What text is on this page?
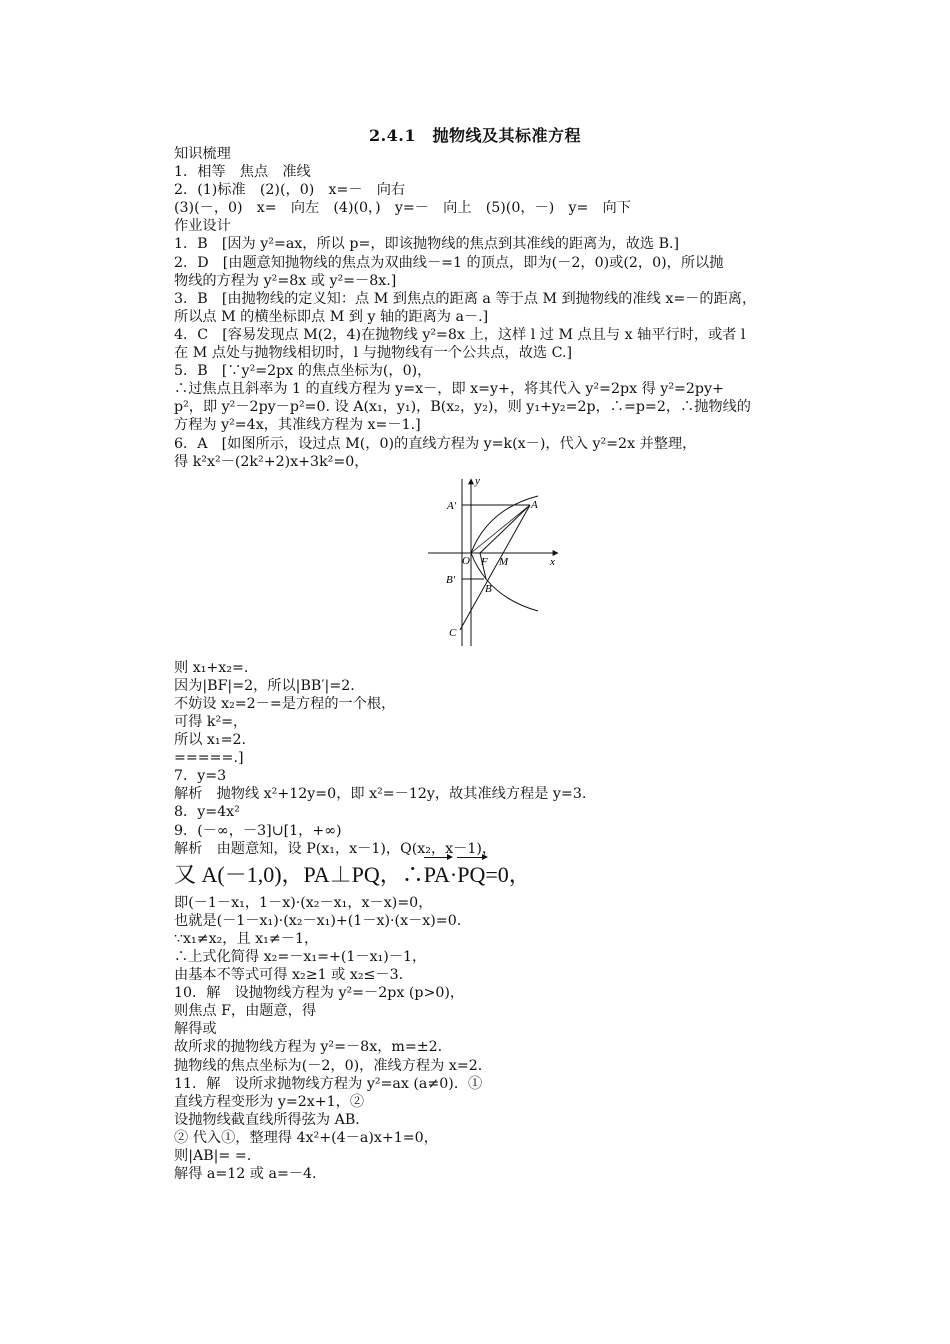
2.4.1　抛物线及其标准方程
知识梳理
1．相等　焦点　准线
2．(1)标准　(2)(，0)　x=－　向右
(3)(－，0)　x=　向左　(4)(0，)　y=－　向上　(5)(0，－)　y=　向下
作业设计
1．B　[因为 y²=ax，所以 p=，即该抛物线的焦点到其准线的距离为，故选 B.]
2．D　[由题意知抛物线的焦点为双曲线－=1 的顶点，即为(－2，0)或(2，0)，所以抛
物线的方程为 y²=8x 或 y²=－8x.]
3．B　[由抛物线的定义知：点 M 到焦点的距离 a 等于点 M 到抛物线的准线 x=－的距离，
所以点 M 的横坐标即点 M 到 y 轴的距离为 a－.]
4．C　[容易发现点 M(2，4)在抛物线 y²=8x 上，这样 l 过 M 点且与 x 轴平行时，或者 l
在 M 点处与抛物线相切时，l 与抛物线有一个公共点，故选 C.]
5．B　[∵y²=2px 的焦点坐标为(，0)，
∴过焦点且斜率为 1 的直线方程为 y=x－，即 x=y+，将其代入 y²=2px 得 y²=2py+
p²，即 y²－2py－p²=0. 设 A(x₁，y₁)，B(x₂，y₂)，则 y₁+y₂=2p，∴=p=2，∴抛物线的
方程为 y²=4x，其准线方程为 x=－1.]
6．A　[如图所示，设过点 M(，0)的直线方程为 y=k(x－)，代入 y²=2x 并整理，
得 k²x²－(2k²+2)x+3k²=0，
y
x
A′	A
O F M
B′
B
C
则 x₁+x₂=.
因为|BF|=2，所以|BB′|=2.
不妨设 x₂=2－=是方程的一个根，
可得 k²=，
所以 x₁=2.
=====.]
7．y=3
解析　抛物线 x²+12y=0，即 x²=－12y，故其准线方程是 y=3.
8．y=4x²
9．(－∞，－3]∪[1，+∞)
解析　由题意知，设 P(x₁，x－1)，Q(x₂，x－1)，
又 A(－1,0)，PA⊥PQ，∴PA·PQ=0，
即(－1－x₁，1－x)·(x₂－x₁，x－x)=0，
也就是(－1－x₁)·(x₂－x₁)+(1－x)·(x－x)=0.
∵x₁≠x₂，且 x₁≠－1，
∴上式化简得 x₂=－x₁=+(1－x₁)－1，
由基本不等式可得 x₂≥1 或 x₂≤－3.
10．解　设抛物线方程为 y²=－2px (p>0)，
则焦点 F，由题意，得
解得或
故所求的抛物线方程为 y²=－8x，m=±2.
抛物线的焦点坐标为(－2，0)，准线方程为 x=2.
11．解　设所求抛物线方程为 y²=ax (a≠0)．①
直线方程变形为 y=2x+1，②
设抛物线截直线所得弦为 AB.
② 代入①，整理得 4x²+(4－a)x+1=0，
则|AB|= =.
解得 a=12 或 a=－4.
